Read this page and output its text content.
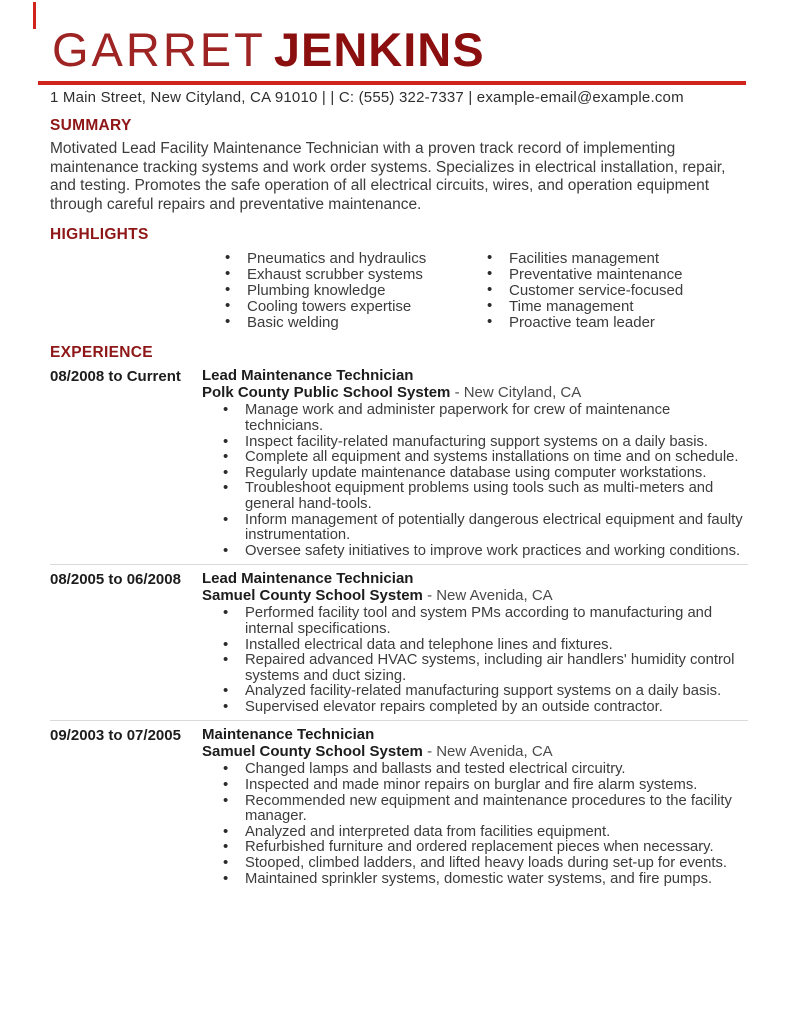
GARRET JENKINS
1 Main Street, New Cityland, CA 91010 | | C: (555) 322-7337 | example-email@example.com
SUMMARY

Motivated Lead Facility Maintenance Technician with a proven track record of implementing maintenance tracking systems and work order systems. Specializes in electrical installation, repair, and testing. Promotes the safe operation of all electrical circuits, wires, and operation equipment through careful repairs and preventative maintenance.

HIGHLIGHTS
• Pneumatics and hydraulics
• Exhaust scrubber systems
• Plumbing knowledge
• Cooling towers expertise
• Basic welding
• Facilities management
• Preventative maintenance
• Customer service-focused
• Time management
• Proactive team leader
EXPERIENCE
08/2008 to Current	Lead Maintenance Technician
Polk County Public School System - New Cityland, CA
• Manage work and administer paperwork for crew of maintenance technicians.
• Inspect facility-related manufacturing support systems on a daily basis.
• Complete all equipment and systems installations on time and on schedule.
• Regularly update maintenance database using computer workstations.
• Troubleshoot equipment problems using tools such as multi-meters and general hand-tools.
• Inform management of potentially dangerous electrical equipment and faulty instrumentation.
• Oversee safety initiatives to improve work practices and working conditions.
08/2005 to 06/2008	Lead Maintenance Technician
Samuel County School System - New Avenida, CA
• Performed facility tool and system PMs according to manufacturing and internal specifications.
• Installed electrical data and telephone lines and fixtures.
• Repaired advanced HVAC systems, including air handlers' humidity control systems and duct sizing.
• Analyzed facility-related manufacturing support systems on a daily basis.
• Supervised elevator repairs completed by an outside contractor.
09/2003 to 07/2005	Maintenance Technician
Samuel County School System - New Avenida, CA
• Changed lamps and ballasts and tested electrical circuitry.
• Inspected and made minor repairs on burglar and fire alarm systems.
• Recommended new equipment and maintenance procedures to the facility manager.
• Analyzed and interpreted data from facilities equipment.
• Refurbished furniture and ordered replacement pieces when necessary.
• Stooped, climbed ladders, and lifted heavy loads during set-up for events.
• Maintained sprinkler systems, domestic water systems, and fire pumps.
